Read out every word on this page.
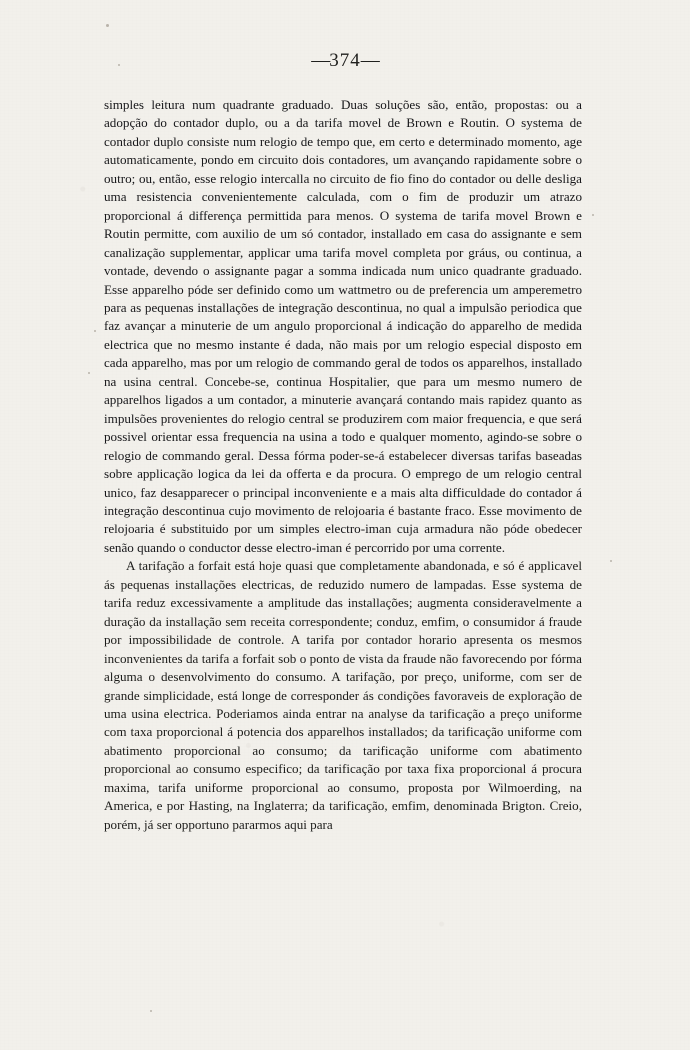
—374—

simples leitura num quadrante graduado. Duas soluções são, então, propostas: ou a adopção do contador duplo, ou a da tarifa movel de Brown e Routin. O systema de contador duplo consiste num relogio de tempo que, em certo e determinado momento, age automaticamente, pondo em circuito dois contadores, um avançando rapidamente sobre o outro; ou, então, esse relogio intercalla no circuito de fio fino do contador ou delle desliga uma resistencia convenientemente calculada, com o fim de produzir um atrazo proporcional á differença permittida para menos. O systema de tarifa movel Brown e Routin permitte, com auxilio de um só contador, installado em casa do assignante e sem canalização supplementar, applicar uma tarifa movel completa por gráus, ou continua, a vontade, devendo o assignante pagar a somma indicada num unico quadrante graduado. Esse apparelho póde ser definido como um wattmetro ou de preferencia um amperemetro para as pequenas installações de integração descontinua, no qual a impulsão periodica que faz avançar a minuterie de um angulo proporcional á indicação do apparelho de medida electrica que no mesmo instante é dada, não mais por um relogio especial disposto em cada apparelho, mas por um relogio de commando geral de todos os apparelhos, installado na usina central. Concebe-se, continua Hospitalier, que para um mesmo numero de apparelhos ligados a um contador, a minuterie avançará contando mais rapidez quanto as impulsões provenientes do relogio central se produzirem com maior frequencia, e que será possivel orientar essa frequencia na usina a todo e qualquer momento, agindo-se sobre o relogio de commando geral. Dessa fórma poder-se-á estabelecer diversas tarifas baseadas sobre applicação logica da lei da offerta e da procura. O emprego de um relogio central unico, faz desapparecer o principal inconveniente e a mais alta difficuldade do contador á integração descontinua cujo movimento de relojoaria é bastante fraco. Esse movimento de relojoaria é substituido por um simples electro-iman cuja armadura não póde obedecer senão quando o conductor desse electro-iman é percorrido por uma corrente.

A tarifação a forfait está hoje quasi que completamente abandonada, e só é applicavel ás pequenas installações electricas, de reduzido numero de lampadas. Esse systema de tarifa reduz excessivamente a amplitude das installações; augmenta consideravelmente a duração da installação sem receita correspondente; conduz, emfim, o consumidor á fraude por impossibilidade de controle. A tarifa por contador horario apresenta os mesmos inconvenientes da tarifa a forfait sob o ponto de vista da fraude não favorecendo por fórma alguma o desenvolvimento do consumo. A tarifação, por preço, uniforme, com ser de grande simplicidade, está longe de corresponder ás condições favoraveis de exploração de uma usina electrica. Poderiamos ainda entrar na analyse da tarificação a preço uniforme com taxa proporcional á potencia dos apparelhos installados; da tarificação uniforme com abatimento proporcional ao consumo; da tarificação uniforme com abatimento proporcional ao consumo especifico; da tarificação por taxa fixa proporcional á procura maxima, tarifa uniforme proporcional ao consumo, proposta por Wilmoerding, na America, e por Hasting, na Inglaterra; da tarificação, emfim, denominada Brigton. Creio, porém, já ser opportuno pararmos aqui para
